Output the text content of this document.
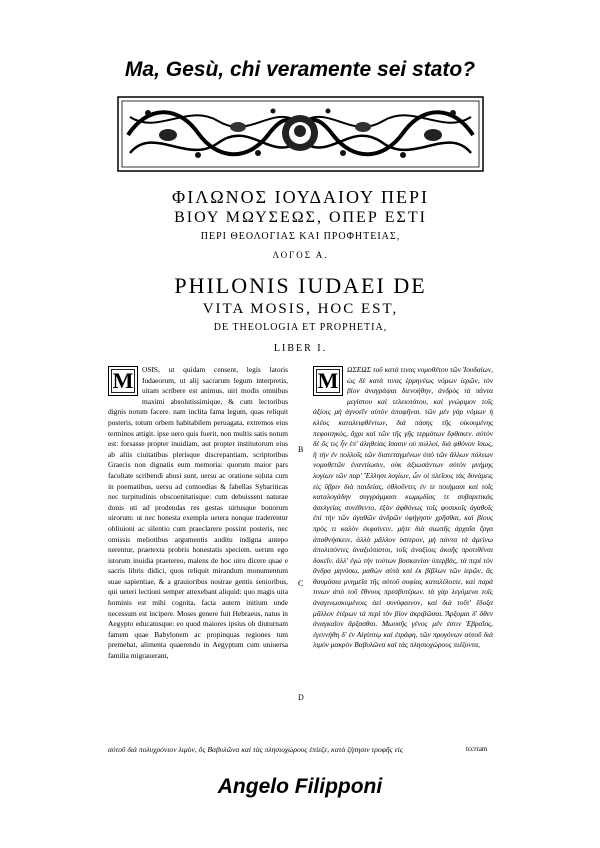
Ma, Gesù, chi veramente sei stato?
ΦΙΛΩΝΟΣ ΙΟΥΔΑΙΟΥ ΠΕΡΙ
ΒΙΟΥ ΜΩΥΣΕΩΣ, ΟΠΕΡ ΕΣΤΙ
ΠΕΡΙ ΘΕΟΛΟΓΙΑΣ ΚΑΙ ΠΡΟΦΗΤΕΙΑΣ,
ΛΟΓΟΣ Α.
PHILONIS IUDAEI DE
VITA MOSIS, HOC EST,
DE THEOLOGIA ET PROPHETIA,
LIBER I.
M	OSIS, ut quidam censent, legis latoris Iudaeorum, ut alij sacrarum legum interpretis, uitam scribere est animus, uiri modis omnibus maximi absolutissimique, & cum lectoribus dignis notum facere. nam inclita fama legum, quas reliquit posteris, totum orbem habitabilem peruagata, extremos eius terminos attigit. ipse uero quis fuerit, non multis satis notum est: forsasse propter inuidiam, aut propter institutorum eius ab aliis ciuitatibus plerisque discrepantiam, scriptoribus Graecis non dignatis eum memoria: quorum maior pars facultate scribendi abusi sunt, uersu ac oratione soluta cum in poematibus, uersu ad comoedias & fabellas Sybariticas nec turpitudinis obscoenitatisque: cum debuissent naturae donis uti ad prodendas res gestas uirtusque bonorum uirorum: ut nec honesta exempla uetera nonque traderentur obliuioni ac silentio cum praeclarere possint posteris, nec omissis meliotibus argumentis auditu indigna antepo nerentur, praetexta probris honestatis speciem. uerum ego istorum inuidia praetereo, malens de hoc uiro dicere quae e sacris libris didici, quos reliquit mirandum monumentum suae sapientiae, & a grauioribus nostrae gentis senioribus, qui ueteri lectioni semper attexebant aliquid: quo magis uita hominis est mihi cognita, facta autem initium unde necessum est incipere. Moses genere fuit Hebraeus, natus in Aegypto educatusque: eo quod maiores ipsius ob diuturnam famem quae Babylonem ac propinquas regiones tum premebat, alimenta quaerendo in Aegyptum cum uniuersa familia migrauerant,
B
C
D
M	ΩΣΕΩΣ τοῦ κατά τινας νομοθέτου τῶν Ἰουδαίων, ὡς δὲ κατά τινας ἑρμηνέως νόμων ἱερῶν, τὸν βίον ἀναγράψαι διενοήθην, ἀνδρὸς τὰ πάντα μεγίστου καὶ τελειοτάτου, καὶ γνώριμον τοῖς ἀξίοις μὴ ἀγνοεῖν αὐτὸν ἀποφῆναι. τῶν μὲν γὰρ νόμων ἡ κλέος καταλειφθέντων, διὰ πάσης τῆς οἰκουμένης πεφοιτηκὸς, ἄχρι καὶ τῶν τῆς γῆς τερμάτων ἔφθακεν. αὐτὸν δὲ ὅς τις ἦν ἐπ' ἀληθείας ἴσασιν οὐ πολλοί, διὰ φθόνον ἴσως, ἢ τὴν ἐν πολλοῖς τῶν διατεταγμένων ὑπὸ τῶν ἄλλων πόλεων νομοθετῶν ἐναντίωσιν, οὐκ ἀξιωσάντων αὐτὸν μνήμης λογίων τῶν παρ' Ἕλλησι λογίων, ὧν οἱ πλεῖους τὰς δυνάμεις εἰς ὕβριν διὰ παιδείας, ὑθλοῦντες ἐν τε ποιήμασι καὶ τοῖς καταλογάδην συγγράμμασι κωμῳδίας τε συβαριτικὰς ἀσελγείας συνέθεντο, ἐξὸν ἀφθόνως τοῖς φυσικοῖς ἀγαθοῖς ἐπὶ τὴν τῶν ἀγαθῶν ἀνδρῶν ὑφήγησιν χρῆσθαι, καὶ βίους πρὸς τι καλὸν ἐκφαίνειν, μήτε διὰ σιωπῆς ἀρχαῖα ἔργα ἀποθνήσκειν, ἀλλὰ μᾶλλον ὑστερον, μὴ πάντα τὰ ἀμείνω ἀπολιπόντες ἀναξιόπιστοι, τοῖς ἀναξίοις ἀκοῆς προτιθέναι δοκεῖν. ἀλλ' ἐγὼ τὴν τούτων βασκανίαν ὑπερβὰς, τὰ περὶ τὸν ἄνδρα μηνύσω, μαθὼν αὐτὰ καὶ ἐκ βίβλων τῶν ἱερῶν, ἃς θαυμάσια μνημεῖα τῆς αὐτοῦ σοφίας καταλέλοιπε, καὶ παρά τινων ἀπὸ τοῦ ἔθνους πρεσβυτέρων. τὰ γὰρ λεγόμενα τοῖς ἀναγινωσκομένοις ἀεὶ συνύφαινον, καὶ διὰ τοῦτ' ἔδοξα μᾶλλον ἑτέρων τὰ περὶ τὸν βίον ἀκριβῶσαι. Ἄρξομαι δ' ὅθεν ἀναγκαῖον ἄρξασθαι. Μωυσῆς γένος μέν ἐστιν Ἑβραῖος, ἐγεννήθη δ' ἐν Αἰγύπτῳ καὶ ἐτράφη, τῶν προγόνων αὐτοῦ διὰ λιμὸν μακρὸν Βαβυλῶνα καὶ τὰς πλησιοχώρους πιέζοντα,
αὐτοῦ διὰ πολυχρόνιον λιμὸν, ὃς Βαβυλῶνα καὶ τὰς πλησιοχώρους ἐπίεζε, κατὰ ζήτησιν τροφῆς εἰς	tccrram
Angelo Filipponi
